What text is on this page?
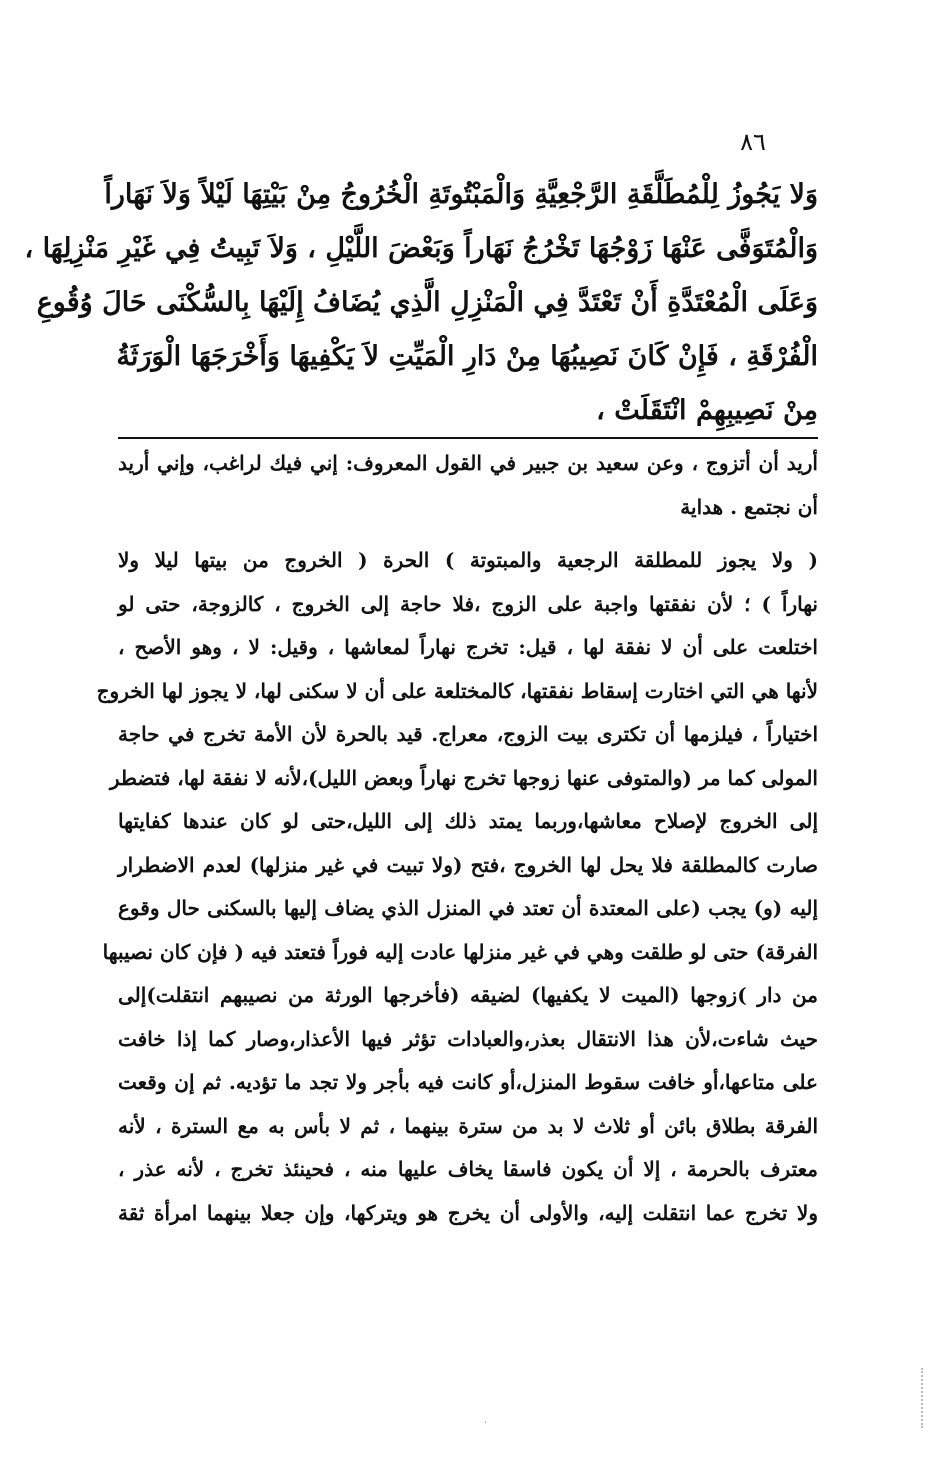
٨٦
وَلا يَجُوزُ لِلْمُطَلَّقَةِ الرَّجْعِيَّةِ وَالْمَبْتُوتَةِ الْخُرُوجُ مِنْ بَيْتِهَا لَيْلاً وَلاَ نَهَاراً
وَالْمُتَوَفَّى عَنْهَا زَوْجُهَا تَخْرُجُ نَهَاراً وَبَعْضَ اللَّيْلِ ، وَلاَ تَبِيتُ فِي غَيْرِ مَنْزِلِهَا ،
وَعَلَى الْمُعْتَدَّةِ أَنْ تَعْتَدَّ فِي الْمَنْزِلِ الَّذِي يُضَافُ إِلَيْهَا بِالسُّكْنَى حَالَ وُقُوعِ
الْفُرْقَةِ ، فَإِنْ كَانَ نَصِيبُهَا مِنْ دَارِ الْمَيِّتِ لاَ يَكْفِيهَا وَأَخْرَجَهَا الْوَرَثَةُ
مِنْ نَصِيبِهِمْ انْتَقَلَتْ ،
أريد أن أتزوج ، وعن سعيد بن جبير في القول المعروف: إني فيك لراغب، وإني أريد
أن نجتمع . هداية
( ولا يجوز للمطلقة الرجعية والمبتوتة ) الحرة ( الخروج من بيتها ليلا ولا
نهاراً ) ؛ لأن نفقتها واجبة على الزوج ،فلا حاجة إلى الخروج ، كالزوجة، حتى لو
اختلعت على أن لا نفقة لها ، قيل: تخرج نهاراً لمعاشها ، وقيل: لا ، وهو الأصح ،
لأنها هي التي اختارت إسقاط نفقتها، كالمختلعة على أن لا سكنى لها، لا يجوز لها الخروج
اختياراً ، فيلزمها أن تكترى بيت الزوج، معراج. قيد بالحرة لأن الأمة تخرج في حاجة
المولى كما مر (والمتوفى عنها زوجها تخرج نهاراً وبعض الليل)،لأنه لا نفقة لها، فتضطر
إلى الخروج لإصلاح معاشها،وربما يمتد ذلك إلى الليل،حتى لو كان عندها كفايتها
صارت كالمطلقة فلا يحل لها الخروج ،فتح (ولا تبيت في غير منزلها) لعدم الاضطرار
إليه (و) يجب (على المعتدة أن تعتد في المنزل الذي يضاف إليها بالسكنى حال وقوع
الفرقة) حتى لو طلقت وهي في غير منزلها عادت إليه فوراً فتعتد فيه ( فإن كان نصيبها
من دار )زوجها (الميت لا يكفيها) لضيقه (فأخرجها الورثة من نصيبهم انتقلت)إلى
حيث شاءت،لأن هذا الانتقال بعذر،والعبادات تؤثر فيها الأعذار،وصار كما إذا خافت
على متاعها،أو خافت سقوط المنزل،أو كانت فيه بأجر ولا تجد ما تؤديه. ثم إن وقعت
الفرقة بطلاق بائن أو ثلاث لا بد من سترة بينهما ، ثم لا بأس به مع السترة ، لأنه
معترف بالحرمة ، إلا أن يكون فاسقا يخاف عليها منه ، فحينئذ تخرج ، لأنه عذر ،
ولا تخرج عما انتقلت إليه، والأولى أن يخرج هو ويتركها، وإن جعلا بينهما امرأة ثقة
·
